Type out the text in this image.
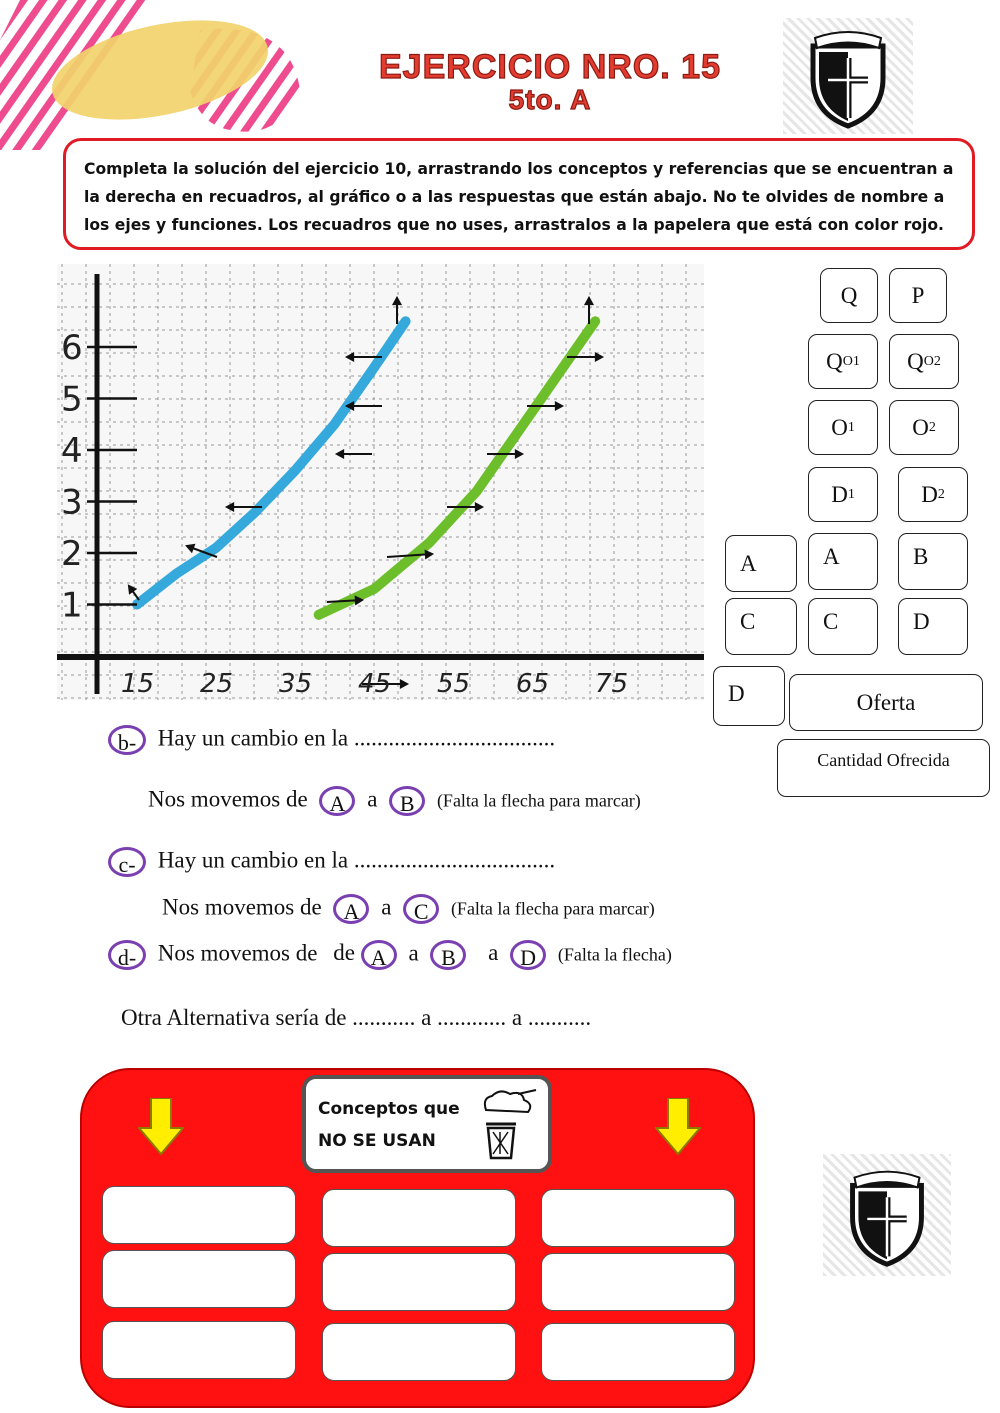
EJERCICIO NRO. 15
5to. A
Completa la solución del ejercicio 10, arrastrando los conceptos y referencias que se encuentran a la derecha en recuadros, al gráfico o a las respuestas que están abajo. No te olvides de nombre a los ejes y funciones. Los recuadros que no uses, arrastralos a la papelera que está con color rojo.
1
2
3
4
5
6
15 25 35 45 55 65 75
Q	P
Q O1 Q O2
O 1 O 2
D 1	D 2
A	A	B
C	C	D
D	Oferta
Cantidad Ofrecida
b- Hay un cambio en la ...................................
Nos movemos de A a B (Falta la flecha para marcar)
c- Hay un cambio en la ...................................
Nos movemos de A a C (Falta la flecha para marcar)
d- Nos movemos de de A a B a D (Falta la flecha)
Otra Alternativa sería de ........... a ............ a ...........
Conceptos que
NO SE USAN
